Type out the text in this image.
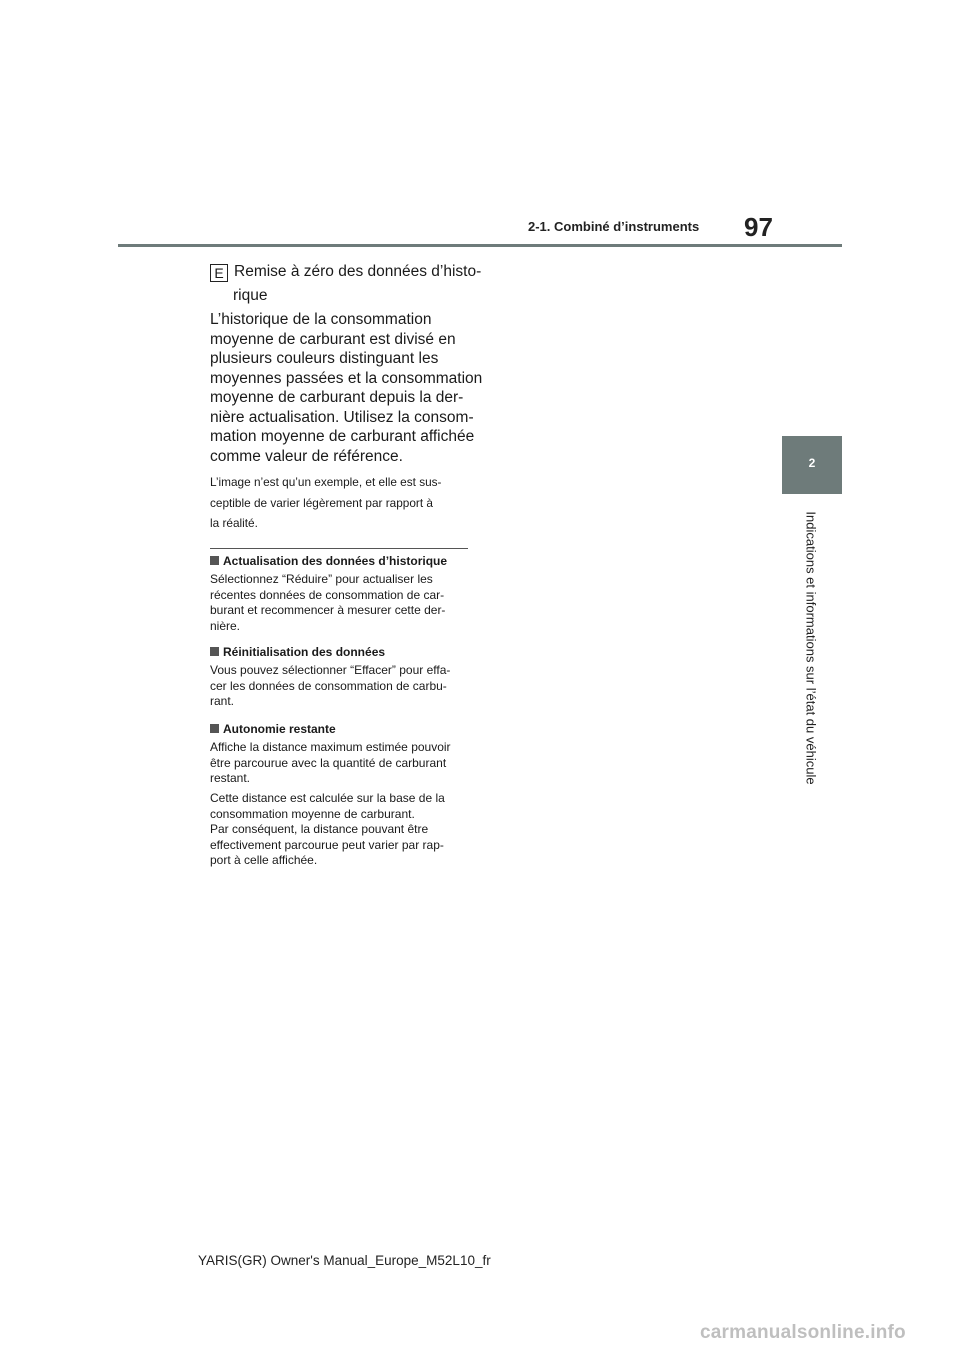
2-1. Combiné d’instruments 97
2
Indications et informations sur l’état du véhicule
E Remise à zéro des données d’histo-
rique
L’historique de la consommation
moyenne de carburant est divisé en
plusieurs couleurs distinguant les
moyennes passées et la consommation
moyenne de carburant depuis la der-
nière actualisation. Utilisez la consom-
mation moyenne de carburant affichée
comme valeur de référence.
L’image n’est qu’un exemple, et elle est sus-
ceptible de varier légèrement par rapport à
la réalité.
Actualisation des données d’historique
Sélectionnez “Réduire” pour actualiser les
récentes données de consommation de car-
burant et recommencer à mesurer cette der-
nière.
Réinitialisation des données
Vous pouvez sélectionner “Effacer” pour effa-
cer les données de consommation de carbu-
rant.
Autonomie restante
Affiche la distance maximum estimée pouvoir
être parcourue avec la quantité de carburant
restant.
Cette distance est calculée sur la base de la
consommation moyenne de carburant.
Par conséquent, la distance pouvant être
effectivement parcourue peut varier par rap-
port à celle affichée.
YARIS(GR) Owner's Manual_Europe_M52L10_fr
carmanualsonline.info
